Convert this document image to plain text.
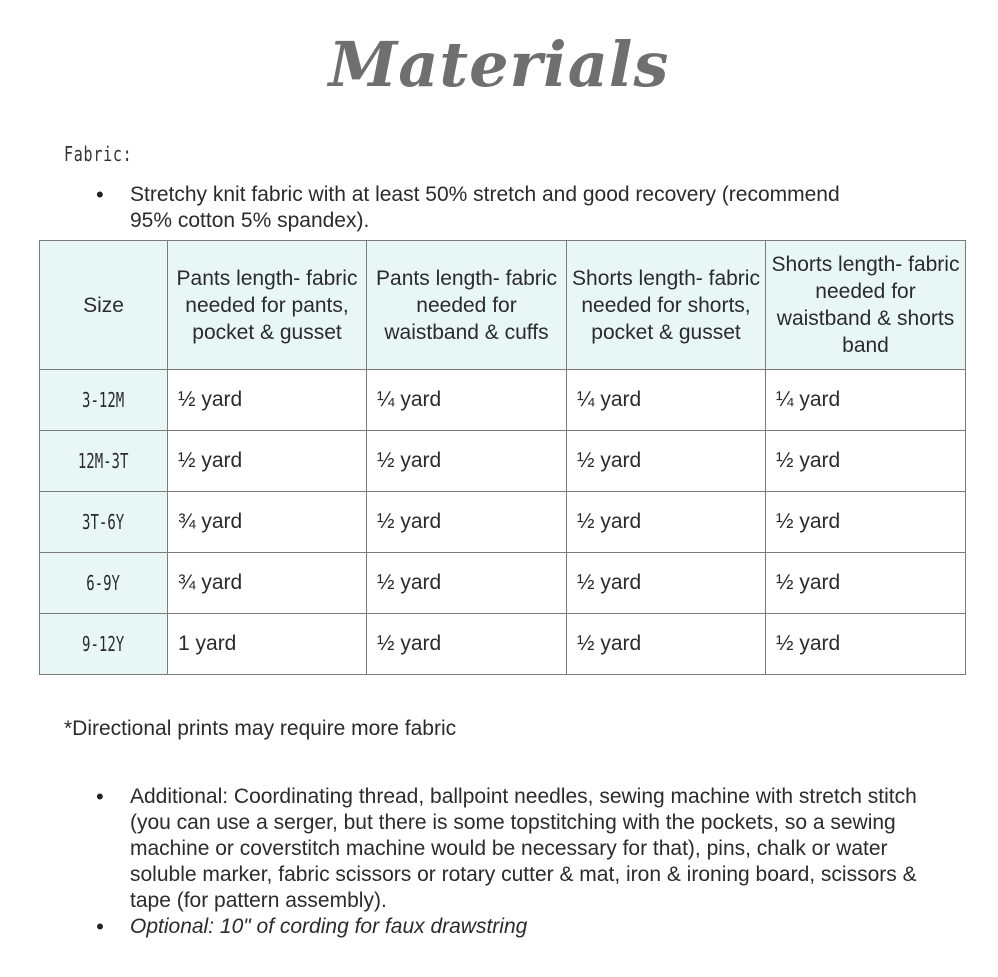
Materials
Fabric:
• Stretchy knit fabric with at least 50% stretch and good recovery (recommend 95% cotton 5% spandex).
Size	Pants length- fabric needed for pants, pocket & gusset	Pants length- fabric needed for waistband & cuffs	Shorts length- fabric needed for shorts, pocket & gusset	Shorts length- fabric needed for waistband & shorts band
3-12M	½ yard	¼ yard	¼ yard	¼ yard
12M-3T	½ yard	½ yard	½ yard	½ yard
3T-6Y	¾ yard	½ yard	½ yard	½ yard
6-9Y	¾ yard	½ yard	½ yard	½ yard
9-12Y	1 yard	½ yard	½ yard	½ yard
*Directional prints may require more fabric
• Additional: Coordinating thread, ballpoint needles, sewing machine with stretch stitch (you can use a serger, but there is some topstitching with the pockets, so a sewing machine or coverstitch machine would be necessary for that), pins, chalk or water soluble marker, fabric scissors or rotary cutter & mat, iron & ironing board, scissors & tape (for pattern assembly).
• Optional: 10" of cording for faux drawstring
